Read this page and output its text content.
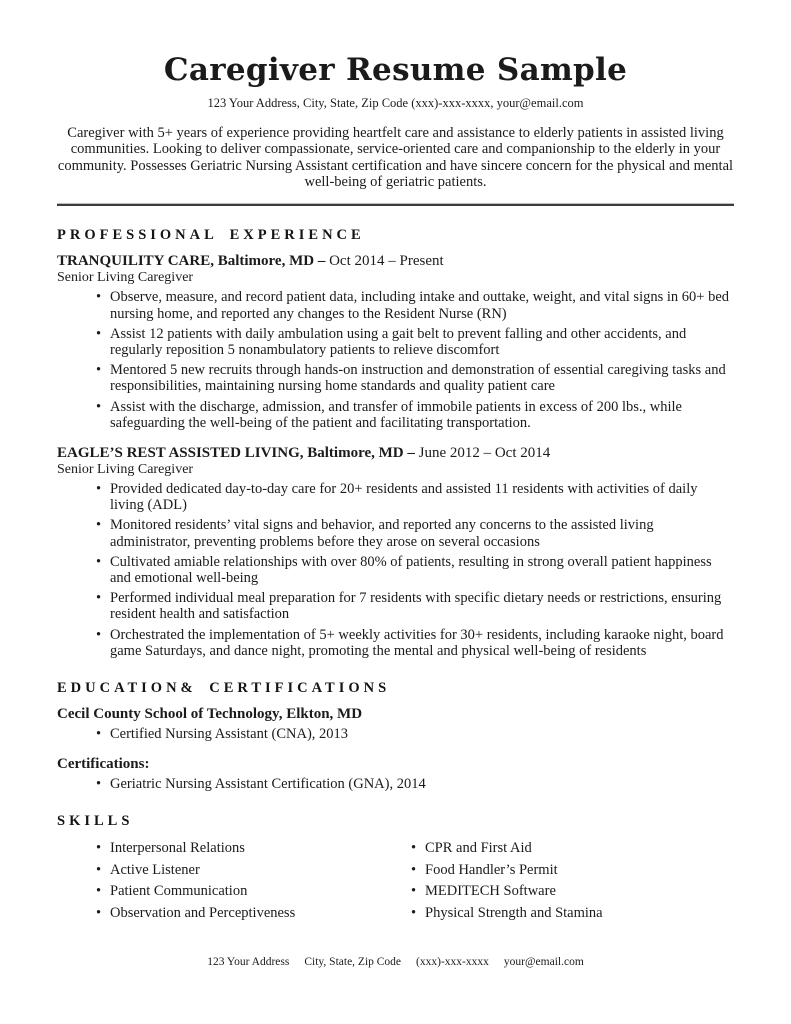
Caregiver Resume Sample
123 Your Address, City, State, Zip Code (xxx)-xxx-xxxx, your@email.com

Caregiver with 5+ years of experience providing heartfelt care and assistance to elderly patients in assisted living communities. Looking to deliver compassionate, service-oriented care and companionship to the elderly in your community. Possesses Geriatric Nursing Assistant certification and have sincere concern for the physical and mental well-being of geriatric patients.

PROFESSIONAL EXPERIENCE

TRANQUILITY CARE, Baltimore, MD – Oct 2014 – Present

Senior Living Caregiver

• Observe, measure, and record patient data, including intake and outtake, weight, and vital signs in 60+ bed nursing home, and reported any changes to the Resident Nurse (RN)
• Assist 12 patients with daily ambulation using a gait belt to prevent falling and other accidents, and regularly reposition 5 nonambulatory patients to relieve discomfort
• Mentored 5 new recruits through hands-on instruction and demonstration of essential caregiving tasks and responsibilities, maintaining nursing home standards and quality patient care
• Assist with the discharge, admission, and transfer of immobile patients in excess of 200 lbs., while safeguarding the well-being of the patient and facilitating transportation.

EAGLE’S REST ASSISTED LIVING, Baltimore, MD – June 2012 – Oct 2014

Senior Living Caregiver

• Provided dedicated day-to-day care for 20+ residents and assisted 11 residents with activities of daily living (ADL)
• Monitored residents’ vital signs and behavior, and reported any concerns to the assisted living administrator, preventing problems before they arose on several occasions
• Cultivated amiable relationships with over 80% of patients, resulting in strong overall patient happiness and emotional well-being
• Performed individual meal preparation for 7 residents with specific dietary needs or restrictions, ensuring resident health and satisfaction
• Orchestrated the implementation of 5+ weekly activities for 30+ residents, including karaoke night, board game Saturdays, and dance night, promoting the mental and physical well-being of residents
EDUCATION& CERTIFICATIONS

Cecil County School of Technology, Elkton, MD

• Certified Nursing Assistant (CNA), 2013

Certifications:

• Geriatric Nursing Assistant Certification (GNA), 2014
SKILLS
• Interpersonal Relations
• Active Listener
• Patient Communication
• Observation and Perceptiveness
• CPR and First Aid
• Food Handler’s Permit
• MEDITECH Software
• Physical Strength and Stamina
123 Your Address City, State, Zip Code (xxx)-xxx-xxxx your@email.com
